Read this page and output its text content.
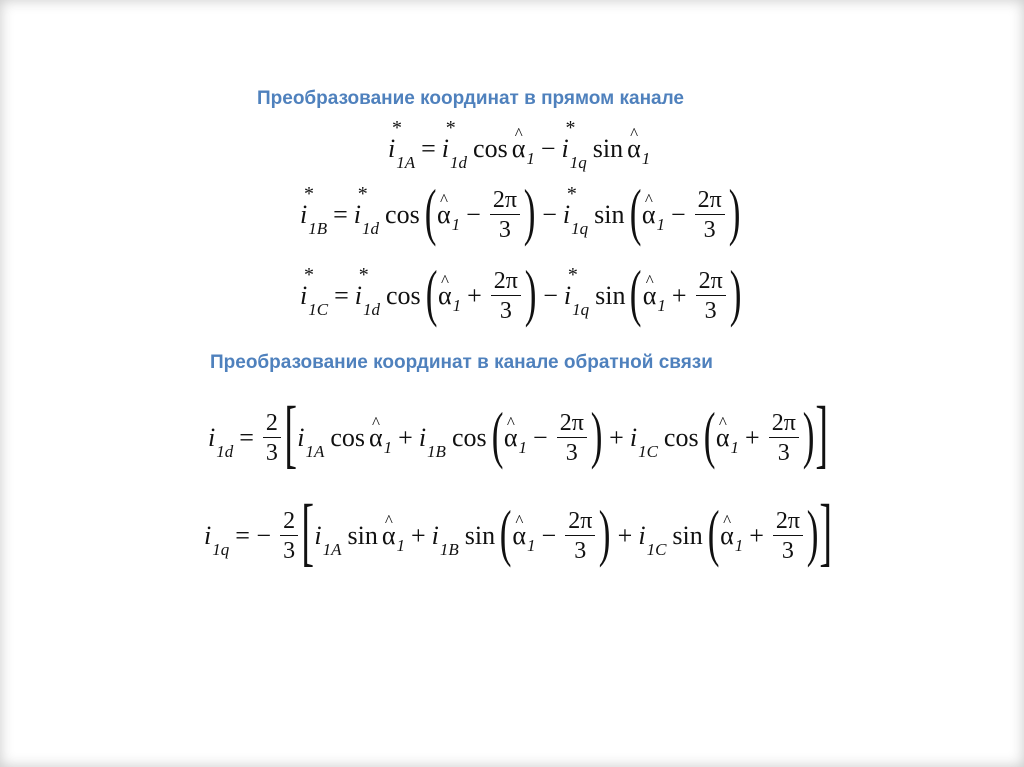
Преобразование координат в прямом канале
Преобразование координат в канале обратной связи
i
*
1A = i
*
1d cos ^ α 1 − i
*
1q sin ^ α 1
i
*
1B = i
*
1d cos ( ^ α $1 - \frac{2\pi}{3}$ ) − i
*
1q sin ( ^ α $1 - \frac{2\pi}{3}$ )
i
*
1C = i
*
1d cos ( ^ α $1 + \frac{2\pi}{3}$ ) − i
*
1q sin ( ^ α $1 + \frac{2\pi}{3}$ )
i $1d = \frac{2}{3}$ [ i 1A cos ^ α 1 + i 1B cos ( ^ α $1 - \frac{2\pi}{3}$ ) + i 1C cos ( ^ α $1 + \frac{2\pi}{3}$ ) ]
i 1q = − $\frac{2}{3}$ [ i 1A sin ^ α 1 + i 1B sin ( ^ α $1 - \frac{2\pi}{3}$ ) + i 1C sin ( ^ α $1 + \frac{2\pi}{3}$ ) ]
